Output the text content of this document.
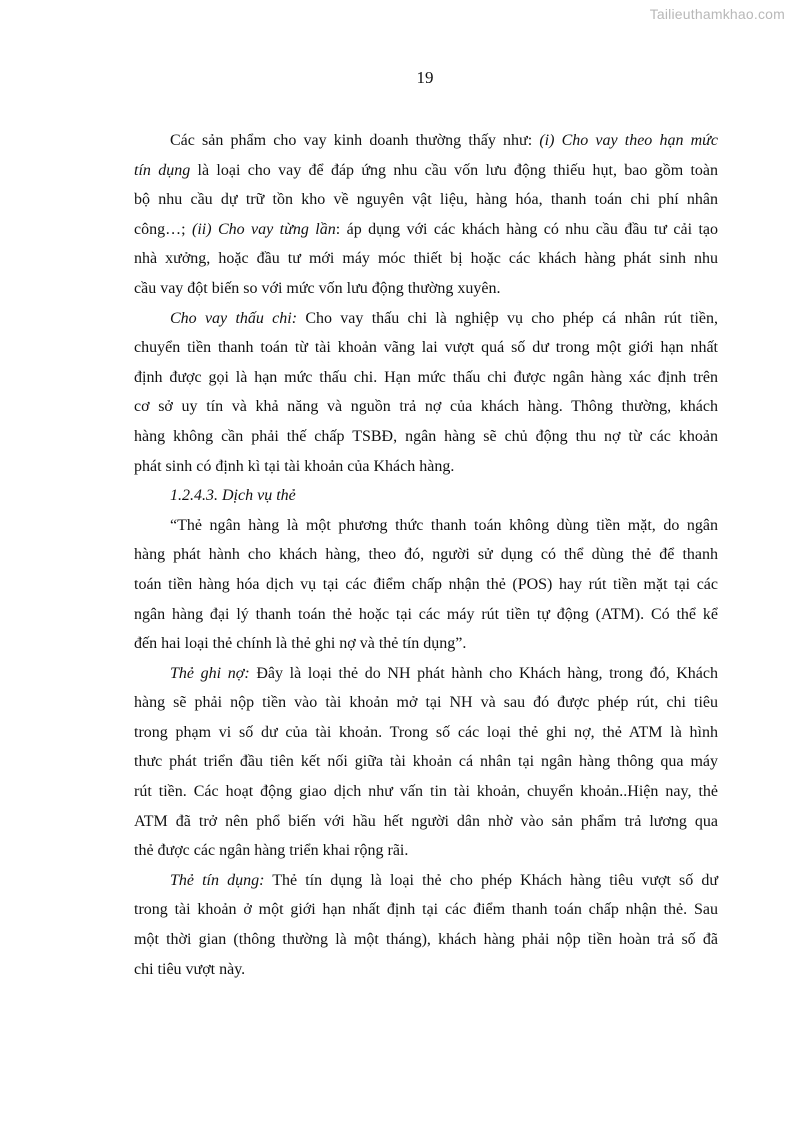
Tailieuthamkhao.com
19
Các sản phẩm cho vay kinh doanh thường thấy như: (i) Cho vay theo hạn mức
tín dụng là loại cho vay để đáp ứng nhu cầu vốn lưu động thiếu hụt, bao gồm toàn
bộ nhu cầu dự trữ tồn kho về nguyên vật liệu, hàng hóa, thanh toán chi phí nhân
công…; (ii) Cho vay từng lần: áp dụng với các khách hàng có nhu cầu đầu tư cải tạo
nhà xưởng, hoặc đầu tư mới máy móc thiết bị hoặc các khách hàng phát sinh nhu
cầu vay đột biến so với mức vốn lưu động thường xuyên.
Cho vay thấu chi: Cho vay thấu chi là nghiệp vụ cho phép cá nhân rút tiền,
chuyển tiền thanh toán từ tài khoản vãng lai vượt quá số dư trong một giới hạn nhất
định được gọi là hạn mức thấu chi. Hạn mức thấu chi được ngân hàng xác định trên
cơ sở uy tín và khả năng và nguồn trả nợ của khách hàng. Thông thường, khách
hàng không cần phải thế chấp TSBĐ, ngân hàng sẽ chủ động thu nợ từ các khoản
phát sinh có định kì tại tài khoản của Khách hàng.
1.2.4.3. Dịch vụ thẻ
“Thẻ ngân hàng là một phương thức thanh toán không dùng tiền mặt, do ngân
hàng phát hành cho khách hàng, theo đó, người sử dụng có thể dùng thẻ để thanh
toán tiền hàng hóa dịch vụ tại các điểm chấp nhận thẻ (POS) hay rút tiền mặt tại các
ngân hàng đại lý thanh toán thẻ hoặc tại các máy rút tiền tự động (ATM). Có thể kể
đến hai loại thẻ chính là thẻ ghi nợ và thẻ tín dụng”.
Thẻ ghi nợ: Đây là loại thẻ do NH phát hành cho Khách hàng, trong đó, Khách
hàng sẽ phải nộp tiền vào tài khoản mở tại NH và sau đó được phép rút, chi tiêu
trong phạm vi số dư của tài khoản. Trong số các loại thẻ ghi nợ, thẻ ATM là hình
thưc phát triển đầu tiên kết nối giữa tài khoản cá nhân tại ngân hàng thông qua máy
rút tiền. Các hoạt động giao dịch như vấn tin tài khoản, chuyển khoản..Hiện nay, thẻ
ATM đã trở nên phổ biến với hầu hết người dân nhờ vào sản phẩm trả lương qua
thẻ được các ngân hàng triển khai rộng rãi.
Thẻ tín dụng: Thẻ tín dụng là loại thẻ cho phép Khách hàng tiêu vượt số dư
trong tài khoản ở một giới hạn nhất định tại các điểm thanh toán chấp nhận thẻ. Sau
một thời gian (thông thường là một tháng), khách hàng phải nộp tiền hoàn trả số đã
chi tiêu vượt này.
